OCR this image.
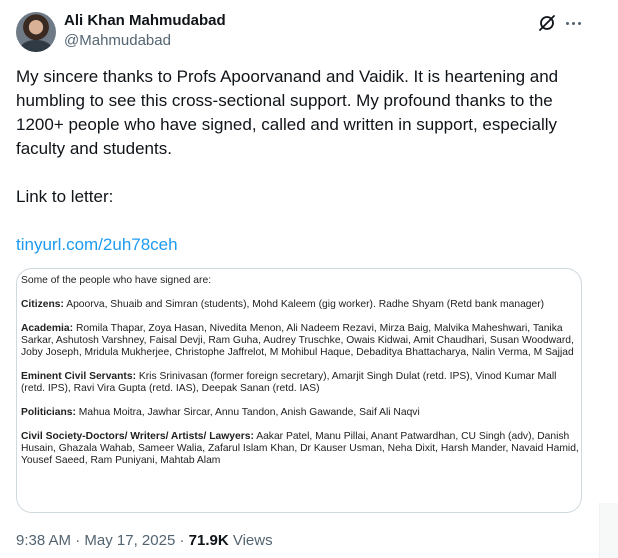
Ali Khan Mahmudabad
@Mahmudabad

My sincere thanks to Profs Apoorvanand and Vaidik. It is heartening and humbling to see this cross-sectional support. My profound thanks to the 1200+ people who have signed, called and written in support, especially faculty and students.

Link to letter:

tinyurl.com/2uh78ceh

Some of the people who have signed are:
Citizens: Apoorva, Shuaib and Simran (students), Mohd Kaleem (gig worker). Radhe Shyam (Retd bank manager)
Academia: Romila Thapar, Zoya Hasan, Nivedita Menon, Ali Nadeem Rezavi, Mirza Baig, Malvika Maheshwari, Tanika Sarkar, Ashutosh Varshney, Faisal Devji, Ram Guha, Audrey Truschke, Owais Kidwai, Amit Chaudhari, Susan Woodward, Joby Joseph, Mridula Mukherjee, Christophe Jaffrelot, M Mohibul Haque, Debaditya Bhattacharya, Nalin Verma, M Sajjad
Eminent Civil Servants: Kris Srinivasan (former foreign secretary), Amarjit Singh Dulat (retd. IPS), Vinod Kumar Mall (retd. IPS), Ravi Vira Gupta (retd. IAS), Deepak Sanan (retd. IAS)
Politicians: Mahua Moitra, Jawhar Sircar, Annu Tandon, Anish Gawande, Saif Ali Naqvi
Civil Society-Doctors/ Writers/ Artists/ Lawyers: Aakar Patel, Manu Pillai, Anant Patwardhan, CU Singh (adv), Danish Husain, Ghazala Wahab, Sameer Walia, Zafarul Islam Khan, Dr Kauser Usman, Neha Dixit, Harsh Mander, Navaid Hamid, Yousef Saeed, Ram Puniyani, Mahtab Alam
9:38 AM · May 17, 2025 · 71.9K Views
